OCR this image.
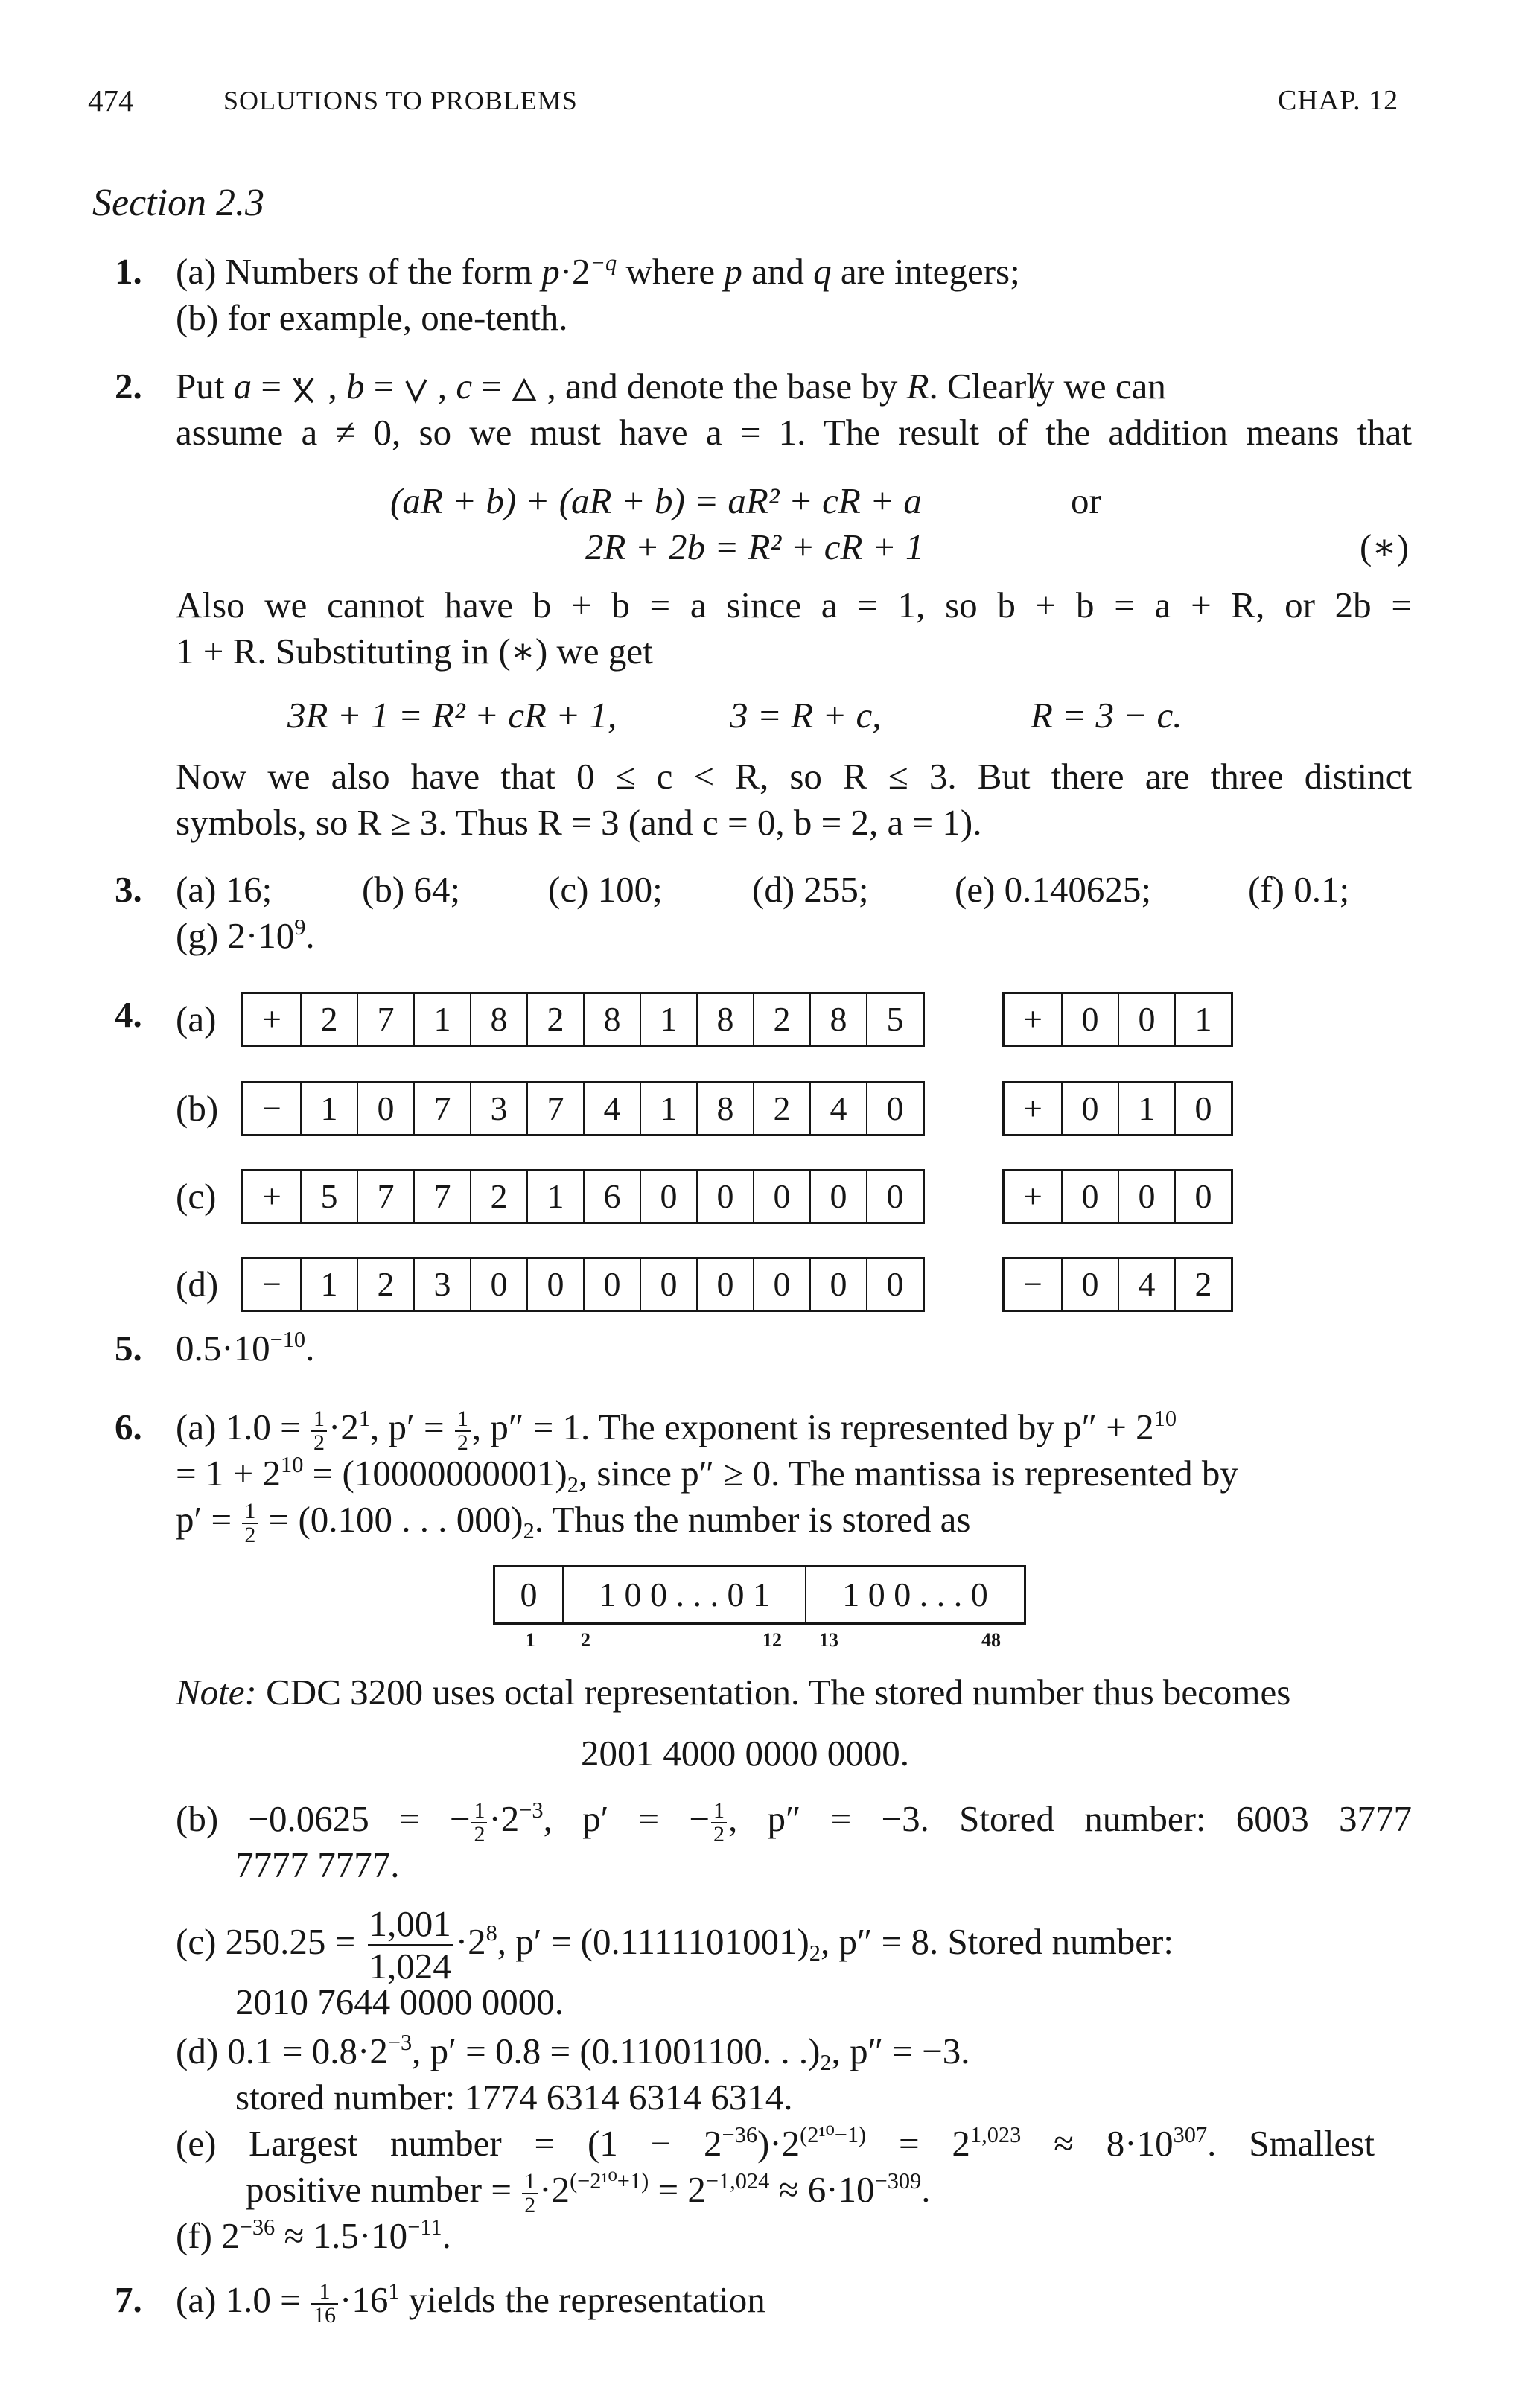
474	SOLUTIONS TO PROBLEMS	CHAP. 12
Section 2.3
1. (a) Numbers of the form $p\cdot 2^{-q}$ where p and q are integers;
(b) for example, one-tenth.
2. Put a =  , b =  , c =  , and denote the base by R. Clearl̸y we can
assume a ≠ 0, so we must have a = 1. The result of the addition means that
(aR + b) + (aR + b) = aR² + cR + a	or
2R + 2b = R² + cR + 1	(∗)
Also we cannot have b + b = a since a = 1, so b + b = a + R, or 2b =
1 + R. Substituting in (∗) we get
3R + 1 = R² + cR + 1,	3 = R + c,	R = 3 − c.
Now we also have that 0 ≤ c < R, so R ≤ 3. But there are three distinct
symbols, so R ≥ 3. Thus R = 3 (and c = 0, b = 2, a = 1).
3. (a) 16; (b) 64; (c) 100; (d) 255; (e) 0.140625;	(f) 0.1;
(g) $2\cdot 10^9$.
4. (a)	+	2	7	1	8	2	8	1	8	2	8	5	+	0	0	1
(b)	−	1	0	7	3	7	4	1	8	2	4	0	+	0	1	0
(c)	+	5	7	7	2	1	6	0	0	0	0	0	+	0	0	0
(d)	−	1	2	3	0	0	0	0	0	0	0	0	−	0	4	2
5. $0.5\cdot 10^{-10}$.
6. (a) $1.0 = \frac{1}{2} \cdot 2^1$, $p' = \frac{1}{2}$ , p″ = 1. The exponent is represented by $p'' + 2^{10}$
= $1 + 2^{10} = (10000000001)_2$, since p″ ≥ 0. The mantissa is represented by
$p' = \frac{1}{2} = (0.100$ . . . $000)_2$. Thus the number is stored as
0	1 0 0 . . . 0 1	1 0 0 . . . 0
1 2	12 13	48
Note: CDC 3200 uses octal representation. The stored number thus becomes
2001 4000 0000 0000.
(b) −0.0625 = − $\frac{1}{2} \cdot 2^{-3}$, p′ = − $\frac{1}{2}$ , p″ = −3. Stored number: 6003 3777
7777 7777.
(c) $250.25 = \frac{1,001}{1,024} \cdot 2^8$, $p' = (0.1111101001)_2$, p″ = 8. Stored number:
2010 7644 0000 0000.
(d) $0.1 = 0.8\cdot 2^{-3}$, p′ = 0.8 = (0.11001100. . $.)_2$, p″ = −3.
stored number: 1774 6314 6314 6314.
(e) Largest number = $(1 - 2^{-36})\cdot 2^{(2^{10}-1)} = 2^{1,023} \approx 8\cdot 10^{307}$. Smallest
positive number = $\frac{1}{2} \cdot 2^{(-2^{10}+1)} = 2^{-1,024} \approx 6\cdot 10^{-309}$.
(f) $2^{-36} \approx 1.5\cdot 10^{-11}$.
7. (a) $1.0 = \frac{1}{16} \cdot 16^1$ yields the representation
